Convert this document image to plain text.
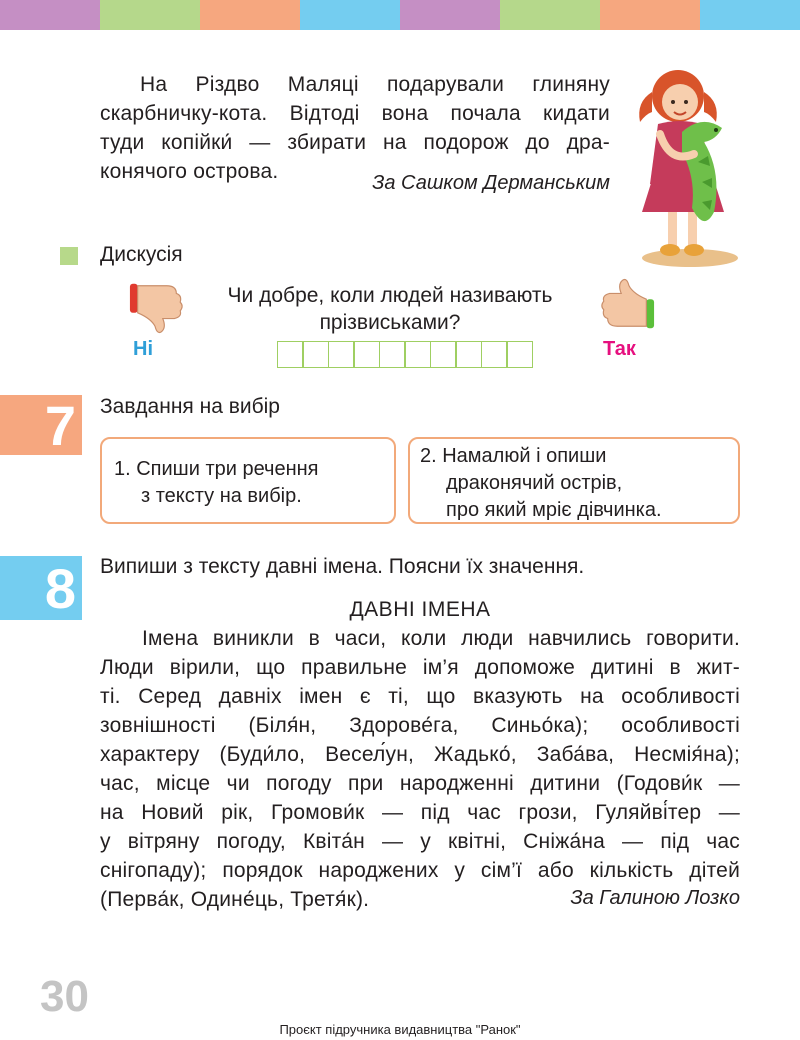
На Різдво Маляці подарували глиняну
скарбничку-кота. Відтоді вона почала кидати
туди копійки́ — збирати на подорож до дра-
конячого острова.	За Сашком Дерманським
Дискусія
Чи добре, коли людей називають
прізвиськами?
Ні	Так
7 Завдання на вибір
1. Спиши три речення
з тексту на вибір.
2. Намалюй і опиши
драконячий острів,
про який мріє дівчинка.
8 Випиши з тексту давні імена. Поясни їх значення.
ДАВНІ ІМЕНА
Імена виникли в часи, коли люди навчились говорити.
Люди вірили, що правильне ім’я допоможе дитині в жит-
ті. Серед давніх імен є ті, що вказують на особливості
зовнішності (Біля́н, Здорове́га, Синьо́ка); особливості
характеру (Буди́ло, Весел́ун, Жадько́, Заба́ва, Несмія́на);
час, місце чи погоду при народженні дитини (Годови́к —
на Новий рік, Громови́к — під час грози, Гуляйві́тер —
у вітряну погоду, Квіта́н — у квітні, Сніжа́на — під час
снігопаду); порядок народжених у сім’ї або кількість дітей
(Перва́к, Одине́ць, Третя́к).	За Галиною Лозко
30
Проєкт підручника видавництва "Ранок"
